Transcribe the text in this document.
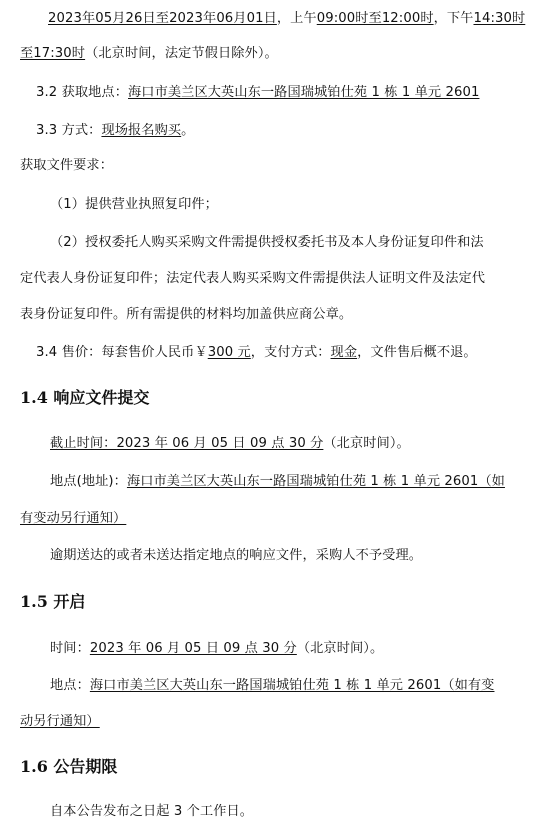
2023年05月26日至2023年06月01日，上午09:00时至12:00时，下午14:30时
至17:30时（北京时间，法定节假日除外）。
3.2 获取地点：海口市美兰区大英山东一路国瑞城铂仕苑 1 栋 1 单元 2601
3.3 方式：现场报名购买。
获取文件要求：
（1）提供营业执照复印件；
（2）授权委托人购买采购文件需提供授权委托书及本人身份证复印件和法
定代表人身份证复印件；法定代表人购买采购文件需提供法人证明文件及法定代
表身份证复印件。所有需提供的材料均加盖供应商公章。
3.4 售价：每套售价人民币￥300 元，支付方式：现金，文件售后概不退。
1.4 响应文件提交
截止时间：2023 年 06 月 05 日 09 点 30 分（北京时间）。
地点(地址)：海口市美兰区大英山东一路国瑞城铂仕苑 1 栋 1 单元 2601（如
有变动另行通知）
逾期送达的或者未送达指定地点的响应文件，采购人不予受理。
1.5 开启
时间：2023 年 06 月 05 日 09 点 30 分（北京时间）。
地点：海口市美兰区大英山东一路国瑞城铂仕苑 1 栋 1 单元 2601（如有变
动另行通知）
1.6 公告期限
自本公告发布之日起 3 个工作日。
